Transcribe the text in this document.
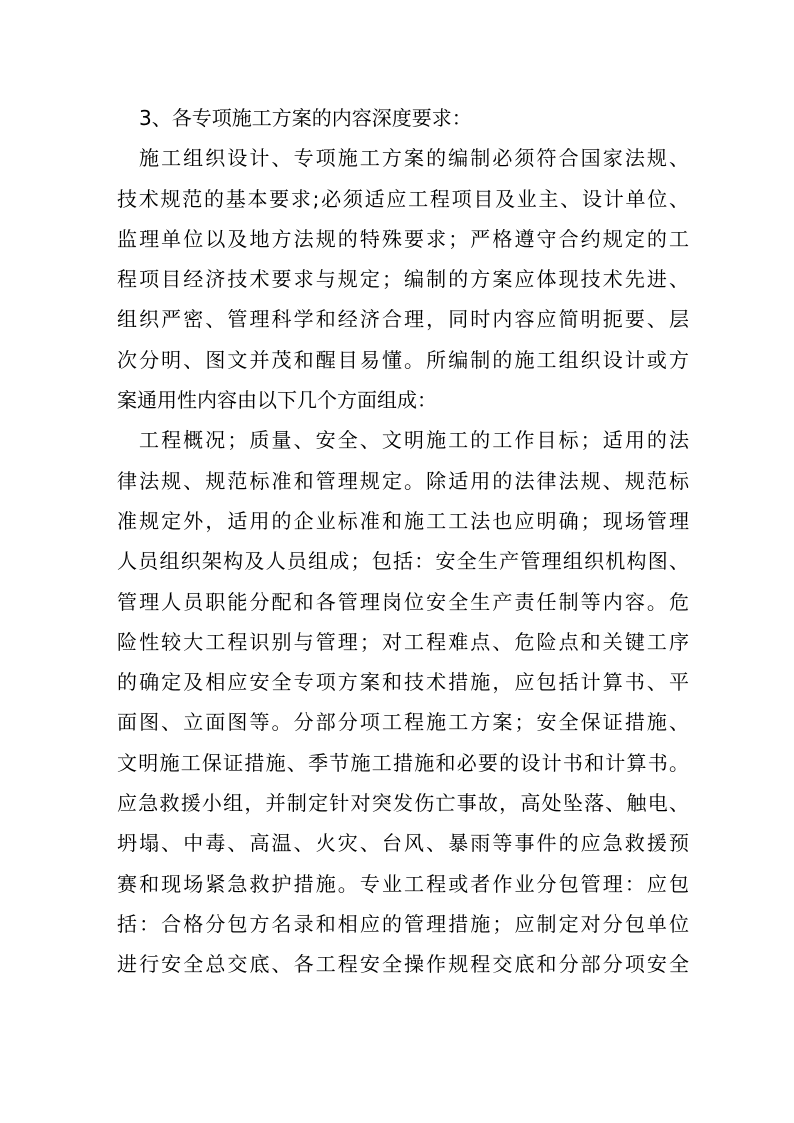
3、各专项施工方案的内容深度要求：
施工组织设计、专项施工方案的编制必须符合国家法规、
技术规范的基本要求;必须适应工程项目及业主、设计单位、
监理单位以及地方法规的特殊要求；严格遵守合约规定的工
程项目经济技术要求与规定；编制的方案应体现技术先进、
组织严密、管理科学和经济合理，同时内容应简明扼要、层
次分明、图文并茂和醒目易懂。所编制的施工组织设计或方
案通用性内容由以下几个方面组成：
工程概况；质量、安全、文明施工的工作目标；适用的法
律法规、规范标准和管理规定。除适用的法律法规、规范标
准规定外，适用的企业标准和施工工法也应明确；现场管理
人员组织架构及人员组成；包括：安全生产管理组织机构图、
管理人员职能分配和各管理岗位安全生产责任制等内容。危
险性较大工程识别与管理；对工程难点、危险点和关键工序
的确定及相应安全专项方案和技术措施，应包括计算书、平
面图、立面图等。分部分项工程施工方案；安全保证措施、
文明施工保证措施、季节施工措施和必要的设计书和计算书。
应急救援小组，并制定针对突发伤亡事故，高处坠落、触电、
坍塌、中毒、高温、火灾、台风、暴雨等事件的应急救援预
赛和现场紧急救护措施。专业工程或者作业分包管理：应包
括：合格分包方名录和相应的管理措施；应制定对分包单位
进行安全总交底、各工程安全操作规程交底和分部分项安全
